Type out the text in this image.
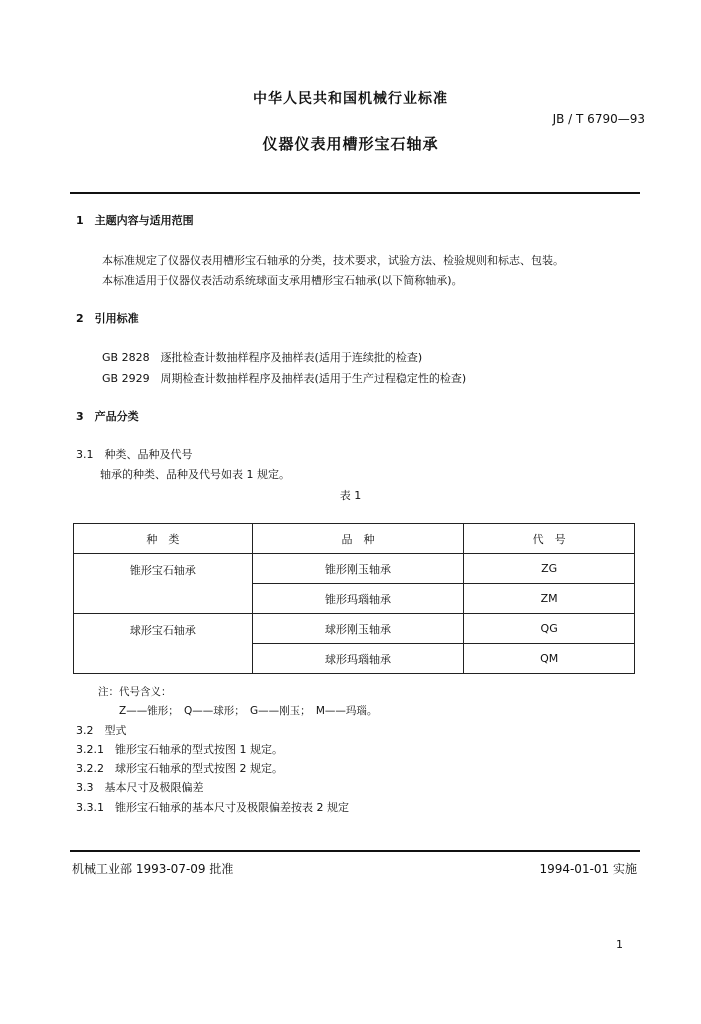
中华人民共和国机械行业标准
JB / T 6790—93
仪器仪表用槽形宝石轴承
1　主题内容与适用范围
本标准规定了仪器仪表用槽形宝石轴承的分类，技术要求，试验方法、检验规则和标志、包装。
本标准适用于仪器仪表活动系统球面支承用槽形宝石轴承(以下简称轴承)。
2　引用标准
GB 2828　逐批检查计数抽样程序及抽样表(适用于连续批的检查)
GB 2929　周期检查计数抽样程序及抽样表(适用于生产过程稳定性的检查)
3　产品分类
3.1　种类、品种及代号
轴承的种类、品种及代号如表 1 规定。
表 1
种　类	品　种	代　号
锥形宝石轴承	锥形刚玉轴承	ZG
	锥形玛瑙轴承	ZM
球形宝石轴承	球形刚玉轴承	QG
	球形玛瑙轴承	QM
注：代号含义：
Z——锥形；　Q——球形；　G——刚玉；　M——玛瑙。
3.2　型式
3.2.1　锥形宝石轴承的型式按图 1 规定。
3.2.2　球形宝石轴承的型式按图 2 规定。
3.3　基本尺寸及极限偏差
3.3.1　锥形宝石轴承的基本尺寸及极限偏差按表 2 规定
机械工业部 1993-07-09 批准	1994-01-01 实施
1
